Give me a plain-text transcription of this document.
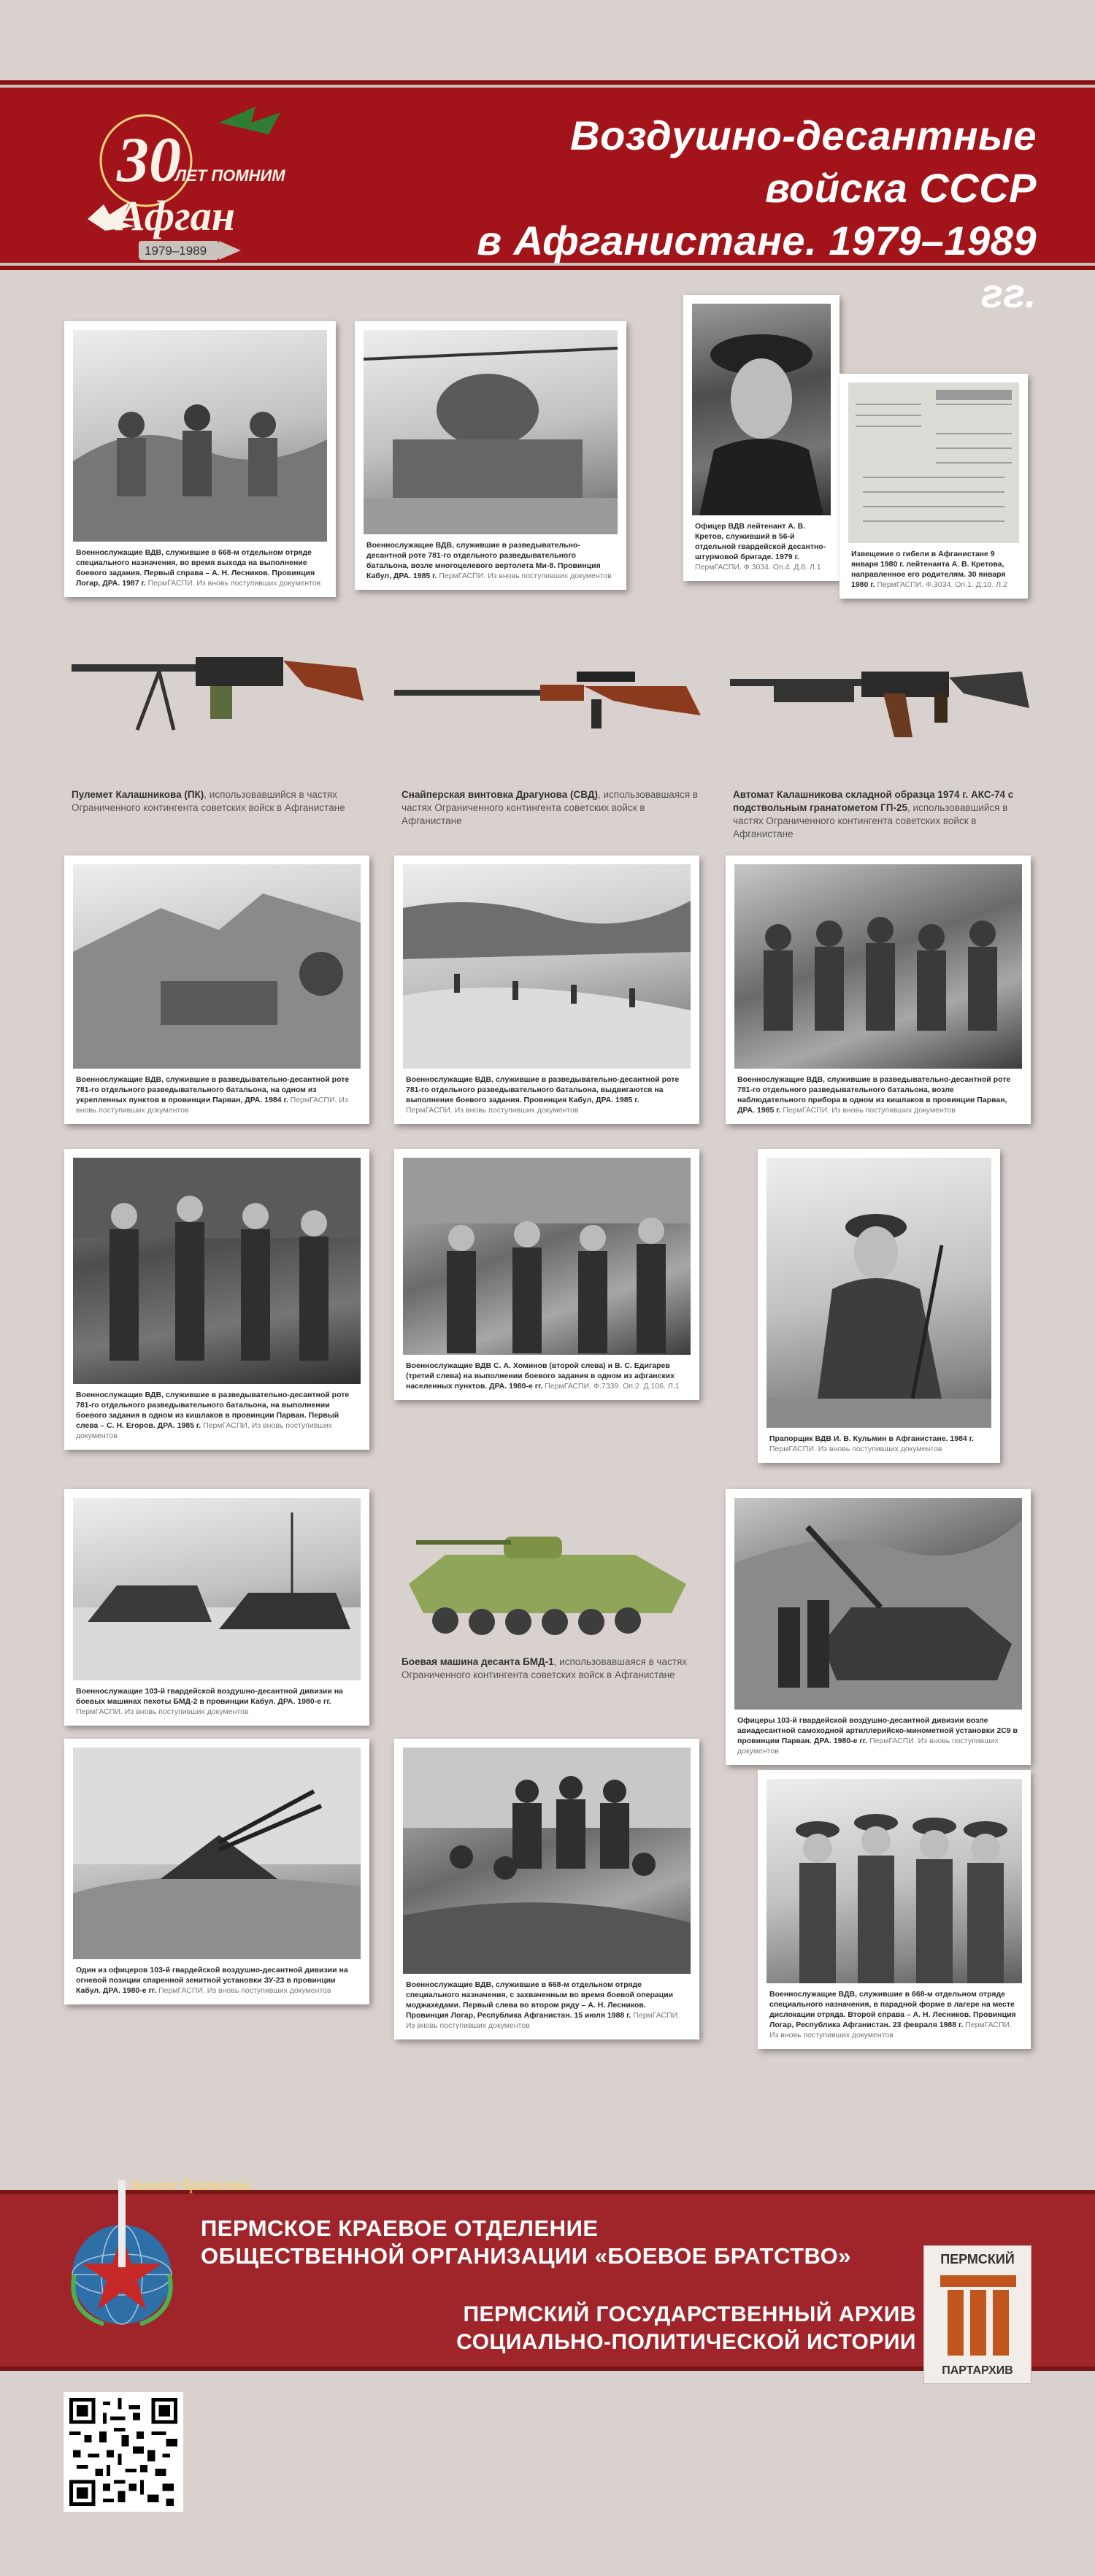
30
ЛЕТ ПОМНИМ
Афган
1979–1989
Воздушно-десантные войска СССР
в Афганистане. 1979–1989 гг.
Военнослужащие ВДВ, служившие в 668-м отдельном отряде специального назначения, во время выхода на выполнение боевого задания. Первый справа – А. Н. Лесников. Провинция Логар, ДРА. 1987 г. ПермГАСПИ. Из вновь поступивших документов
Военнослужащие ВДВ, служившие в разведывательно-десантной роте 781-го отдельного разведывательного батальона, возле многоцелевого вертолета Ми-8. Провинция Кабул, ДРА. 1985 г. ПермГАСПИ. Из вновь поступивших документов
Офицер ВДВ лейтенант А. В. Кретов, служивший в 56-й отдельной гвардейской десантно-штурмовой бригаде. 1979 г. ПермГАСПИ. Ф.3034. Оп.4. Д.8. Л.1
Извещение о гибели в Афганистане 9 января 1980 г. лейтенанта А. В. Кретова, направленное его родителям. 30 января 1980 г. ПермГАСПИ. Ф.3034. Оп.1. Д.10. Л.2
Пулемет Калашникова (ПК), использовавшийся в частях Ограниченного контингента советских войск в Афганистане
Снайперская винтовка Драгунова (СВД), использовавшаяся в частях Ограниченного контингента советских войск в Афганистане
Автомат Калашникова складной образца 1974 г. АКС-74 с подствольным гранатометом ГП-25, использовавшийся в частях Ограниченного контингента советских войск в Афганистане
Военнослужащие ВДВ, служившие в разведывательно-десантной роте 781-го отдельного разведывательного батальона, на одном из укрепленных пунктов в провинции Парван, ДРА. 1984 г. ПермГАСПИ. Из вновь поступивших документов
Военнослужащие ВДВ, служившие в разведывательно-десантной роте 781-го отдельного разведывательного батальона, выдвигаются на выполнение боевого задания. Провинция Кабул, ДРА. 1985 г. ПермГАСПИ. Из вновь поступивших документов
Военнослужащие ВДВ, служившие в разведывательно-десантной роте 781-го отдельного разведывательного батальона, возле наблюдательного прибора в одном из кишлаков в провинции Парван, ДРА. 1985 г. ПермГАСПИ. Из вновь поступивших документов
Военнослужащие ВДВ, служившие в разведывательно-десантной роте 781-го отдельного разведывательного батальона, на выполнении боевого задания в одном из кишлаков в провинции Парван. Первый слева – С. Н. Егоров. ДРА. 1985 г. ПермГАСПИ. Из вновь поступивших документов
Военнослужащие ВДВ С. А. Хоминов (второй слева) и В. С. Едигарев (третий слева) на выполнении боевого задания в одном из афганских населенных пунктов. ДРА. 1980-е гг. ПермГАСПИ. Ф.7339. Оп.2. Д.106. Л.1
Прапорщик ВДВ И. В. Кульмин в Афганистане. 1984 г. ПермГАСПИ. Из вновь поступивших документов
Военнослужащие 103-й гвардейской воздушно-десантной дивизии на боевых машинах пехоты БМД-2 в провинции Кабул. ДРА. 1980-е гг. ПермГАСПИ. Из вновь поступивших документов
Боевая машина десанта БМД-1, использовавшаяся в частях Ограниченного контингента советских войск в Афганистане
Офицеры 103-й гвардейской воздушно-десантной дивизии возле авиадесантной самоходной артиллерийско-минометной установки 2С9 в провинции Парван. ДРА. 1980-е гг. ПермГАСПИ. Из вновь поступивших документов
Один из офицеров 103-й гвардейской воздушно-десантной дивизии на огневой позиции спаренной зенитной установки ЗУ-23 в провинции Кабул. ДРА. 1980-е гг. ПермГАСПИ. Из вновь поступивших документов
Военнослужащие ВДВ, служившие в 668-м отдельном отряде специального назначения, с захваченным во время боевой операции моджахедами. Первый слева во втором ряду – А. Н. Лесников. Провинция Логар, Республика Афганистан. 15 июля 1988 г. ПермГАСПИ. Из вновь поступивших документов
Военнослужащие ВДВ, служившие в 668-м отдельном отряде специального назначения, в парадной форме в лагере на месте дислокации отряда. Второй справа – А. Н. Лесников. Провинция Логар, Республика Афганистан. 23 февраля 1988 г. ПермГАСПИ. Из вновь поступивших документов
Боевое братство
ПЕРМСКОЕ КРАЕВОЕ ОТДЕЛЕНИЕ
ОБЩЕСТВЕННОЙ ОРГАНИЗАЦИИ «БОЕВОЕ БРАТСТВО»
ПЕРМСКИЙ ГОСУДАРСТВЕННЫЙ АРХИВ
СОЦИАЛЬНО-ПОЛИТИЧЕСКОЙ ИСТОРИИ
ПЕРМСКИЙ
ПАРТАРХИВ
